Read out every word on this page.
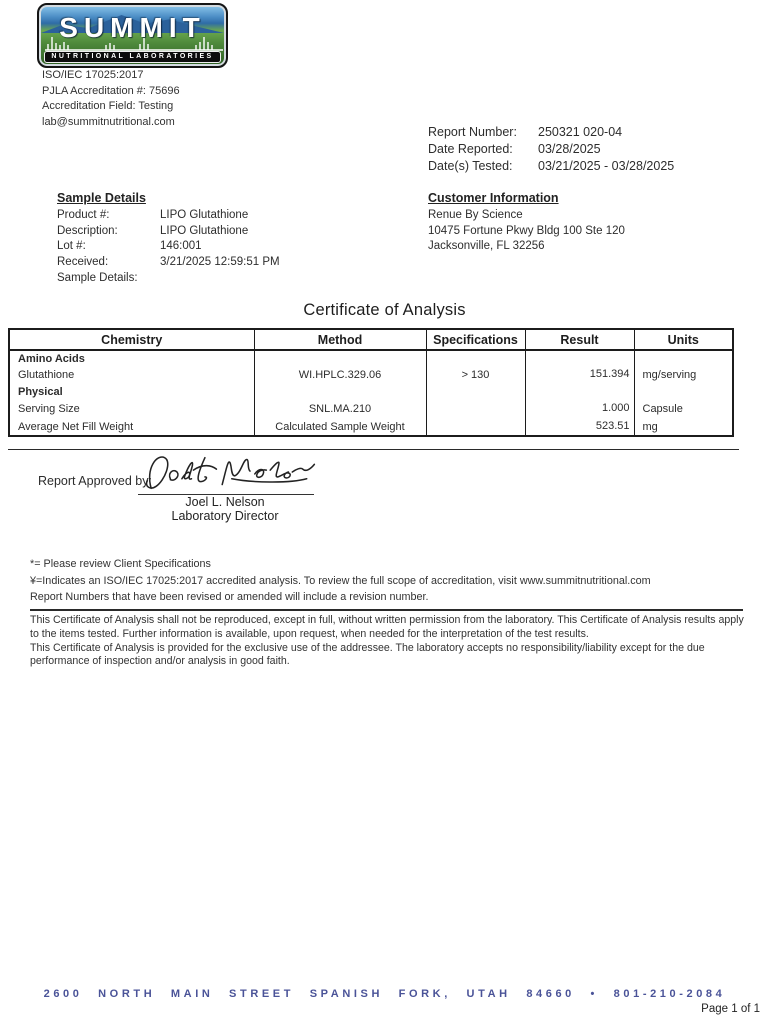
SUMMIT
NUTRITIONAL LABORATORIES
ISO/IEC 17025:2017
PJLA Accreditation #: 75696
Accreditation Field: Testing
lab@summitnutritional.com
Report Number: 250321 020-04
Date Reported: 03/28/2025
Date(s) Tested: 03/21/2025 - 03/28/2025
Sample Details
Product #:	LIPO Glutathione
Description:	LIPO Glutathione
Lot #:	146:001
Received:	3/21/2025 12:59:51 PM
Sample Details:
Customer Information
Renue By Science
10475 Fortune Pkwy Bldg 100 Ste 120
Jacksonville, FL 32256
Certificate of Analysis
Chemistry	Method	Specifications	Result	Units
Amino Acids				
Glutathione	WI.HPLC.329.06	> 130	151.394	mg/serving
Physical				
Serving Size	SNL.MA.210		1.000	Capsule
Average Net Fill Weight	Calculated Sample Weight		523.51	mg
Report Approved by:
Joel L. Nelson
Laboratory Director
*= Please review Client Specifications
¥=Indicates an ISO/IEC 17025:2017 accredited analysis. To review the full scope of accreditation, visit www.summitnutritional.com
Report Numbers that have been revised or amended will include a revision number.

This Certificate of Analysis shall not be reproduced, except in full, without written permission from the laboratory. This Certificate of Analysis results apply to the items tested. Further information is available, upon request, when needed for the interpretation of the test results.

This Certificate of Analysis is provided for the exclusive use of the addressee. The laboratory accepts no responsibility/liability except for the due performance of inspection and/or analysis in good faith.

2600 NORTH MAIN STREET SPANISH FORK, UTAH 84660 • 801-210-2084
Page 1 of 1
